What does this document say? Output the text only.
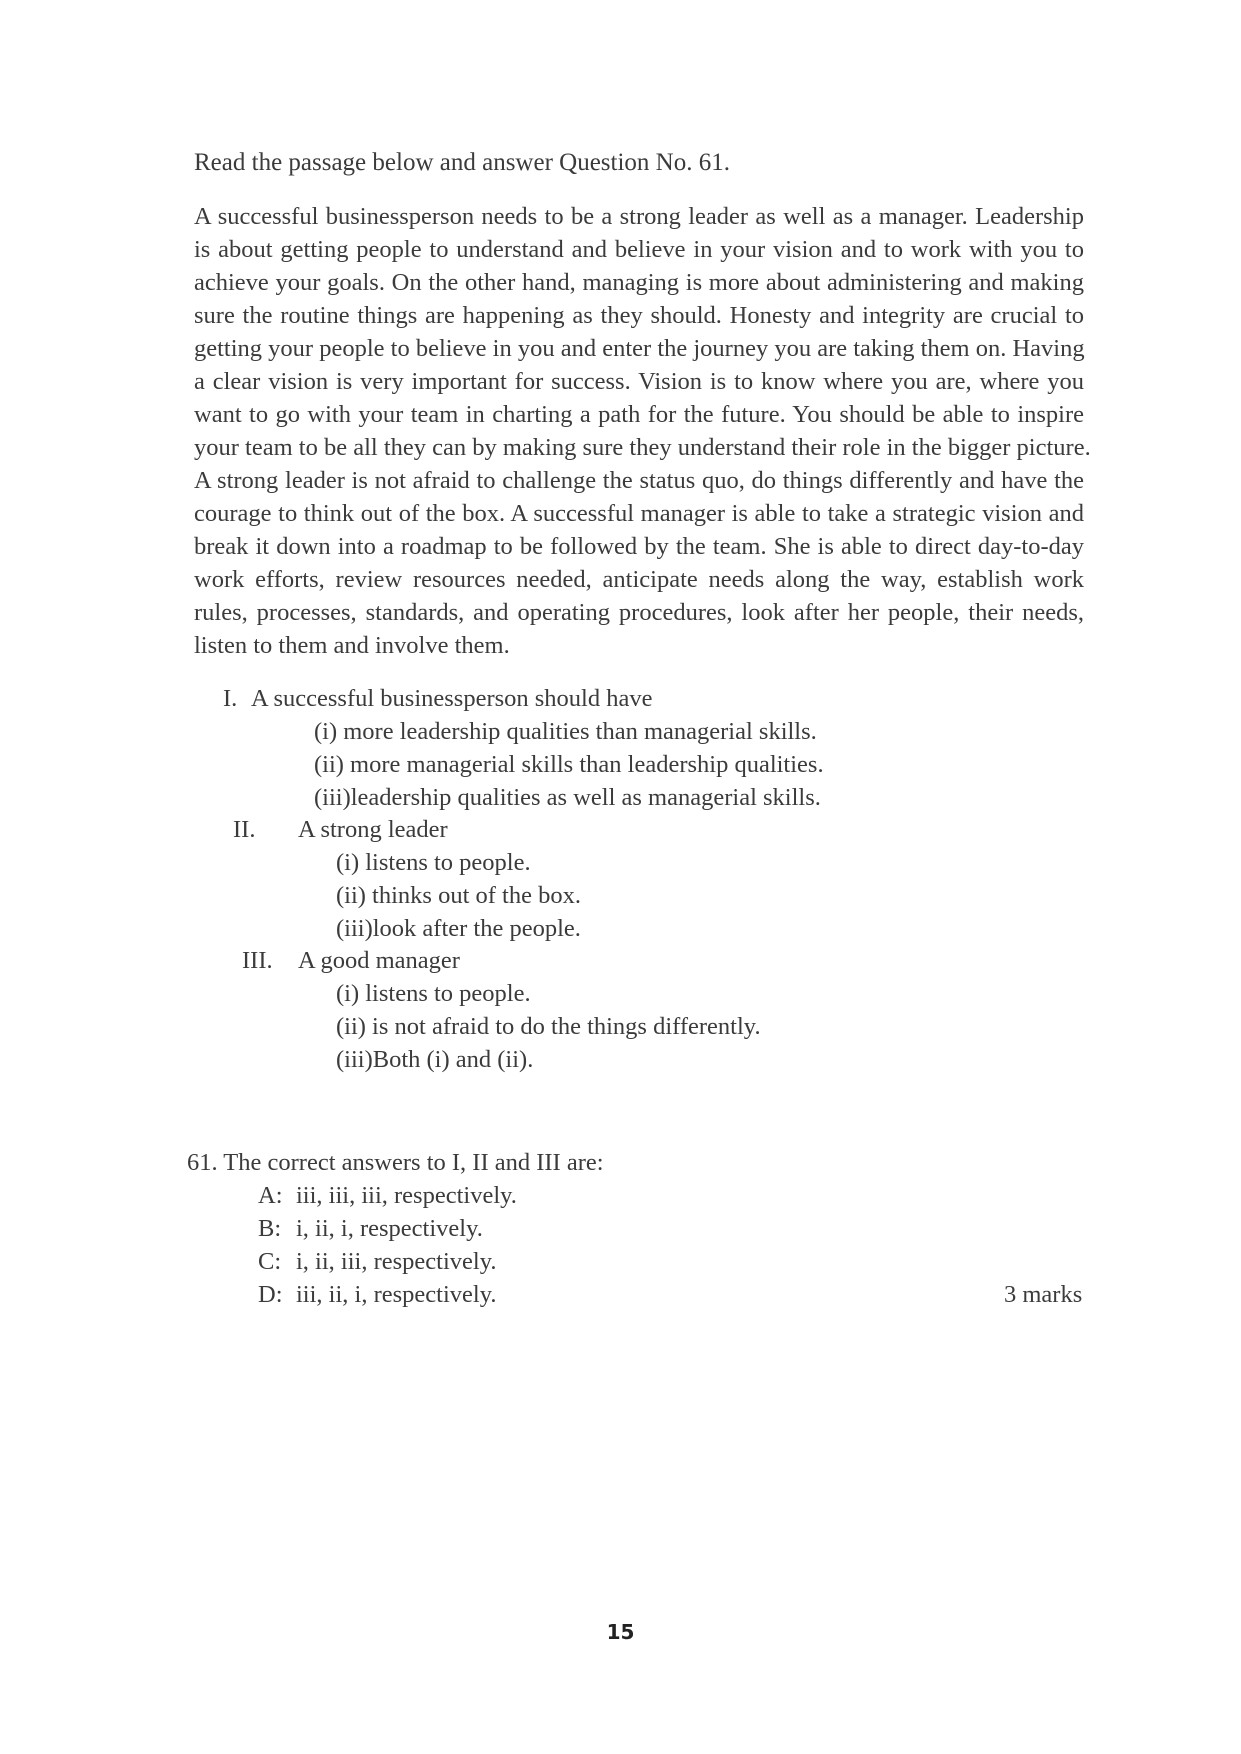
Read the passage below and answer Question No. 61.
A successful businessperson needs to be a strong leader as well as a manager. Leadership
is about getting people to understand and believe in your vision and to work with you to
achieve your goals. On the other hand, managing is more about administering and making
sure the routine things are happening as they should. Honesty and integrity are crucial to
getting your people to believe in you and enter the journey you are taking them on. Having
a clear vision is very important for success. Vision is to know where you are, where you
want to go with your team in charting a path for the future. You should be able to inspire
your team to be all they can by making sure they understand their role in the bigger picture.
A strong leader is not afraid to challenge the status quo, do things differently and have the
courage to think out of the box. A successful manager is able to take a strategic vision and
break it down into a roadmap to be followed by the team. She is able to direct day-to-day
work efforts, review resources needed, anticipate needs along the way, establish work
rules, processes, standards, and operating procedures, look after her people, their needs,
listen to them and involve them.
I. A successful businessperson should have
(i) more leadership qualities than managerial skills.
(ii) more managerial skills than leadership qualities.
(iii)leadership qualities as well as managerial skills.
II. A strong leader
(i) listens to people.
(ii) thinks out of the box.
(iii)look after the people.
III. A good manager
(i) listens to people.
(ii) is not afraid to do the things differently.
(iii)Both (i) and (ii).
61. The correct answers to I, II and III are:
A: iii, iii, iii, respectively.
B: i, ii, i, respectively.
C: i, ii, iii, respectively.
D: iii, ii, i, respectively.	3 marks
15
